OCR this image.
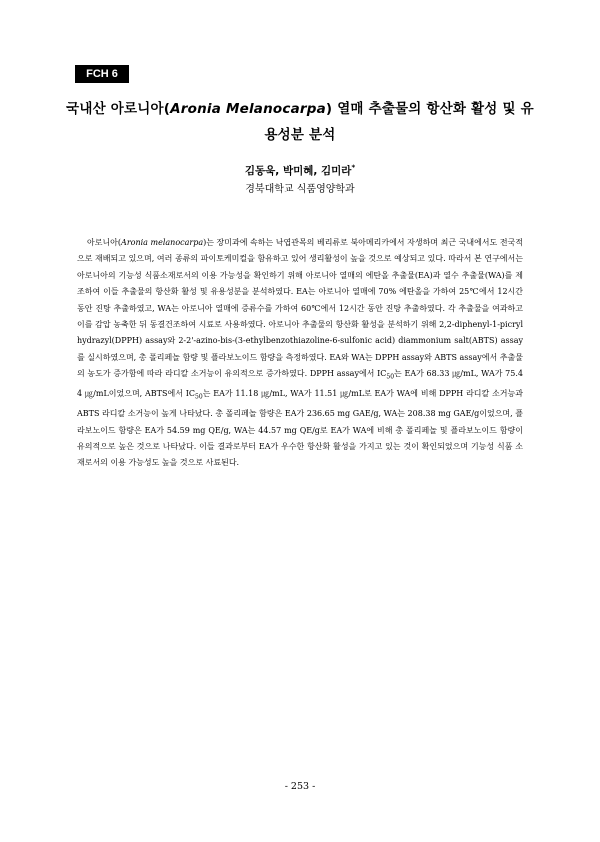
FCH 6
국내산 아로니아(Aronia Melanocarpa) 열매 추출물의 항산화 활성 및 유용성분 분석
김동욱, 박미혜, 김미라*
경북대학교 식품영양학과
아로니아(Aronia melanocarpa)는 장미과에 속하는 낙엽관목의 베리류로 북아메리카에서 자생하며 최근 국내에서도 전국적으로 재배되고 있으며, 여러 종류의 파이토케미컬을 함유하고 있어 생리활성이 높을 것으로 예상되고 있다. 따라서 본 연구에서는 아로니아의 기능성 식품소재로서의 이용 가능성을 확인하기 위해 아로니아 열매의 에탄올 추출물(EA)과 열수 추출물(WA)를 제조하여 이들 추출물의 항산화 활성 및 유용성분을 분석하였다. EA는 아로니아 열매에 70% 에탄올을 가하여 25℃에서 12시간 동안 진탕 추출하였고, WA는 아로니아 열매에 증류수를 가하여 60℃에서 12시간 동안 진탕 추출하였다. 각 추출물을 여과하고 이를 감압 농축한 뒤 동결건조하여 시료로 사용하였다. 아로니아 추출물의 항산화 활성을 분석하기 위해 2,2-diphenyl-1-picrylhydrazyl(DPPH) assay와 2-2'-azino-bis-(3-ethylbenzothiazoline-6-sulfonic acid) diammonium salt(ABTS) assay를 실시하였으며, 총 폴리페놀 함량 및 플라보노이드 함량을 측정하였다. EA와 WA는 DPPH assay와 ABTS assay에서 추출물의 농도가 증가함에 따라 라디칼 소거능이 유의적으로 증가하였다. DPPH assay에서 $IC_{50}$는 EA가 68.33 ㎍/mL, WA가 75.44 ㎍/mL이었으며, ABTS에서 $IC_{50}$는 EA가 11.18 ㎍/mL, WA가 11.51 ㎍/mL로 EA가 WA에 비해 DPPH 라디칼 소거능과 ABTS 라디칼 소거능이 높게 나타났다. 총 폴리페놀 함량은 EA가 236.65 mg GAE/g, WA는 208.38 mg GAE/g이었으며, 플라보노이드 함량은 EA가 54.59 mg QE/g, WA는 44.57 mg QE/g로 EA가 WA에 비해 총 폴리페놀 및 플라보노이드 함량이 유의적으로 높은 것으로 나타났다. 이들 결과로부터 EA가 우수한 항산화 활성을 가지고 있는 것이 확인되었으며 기능성 식품 소재로서의 이용 가능성도 높을 것으로 사료된다.
- 253 -
